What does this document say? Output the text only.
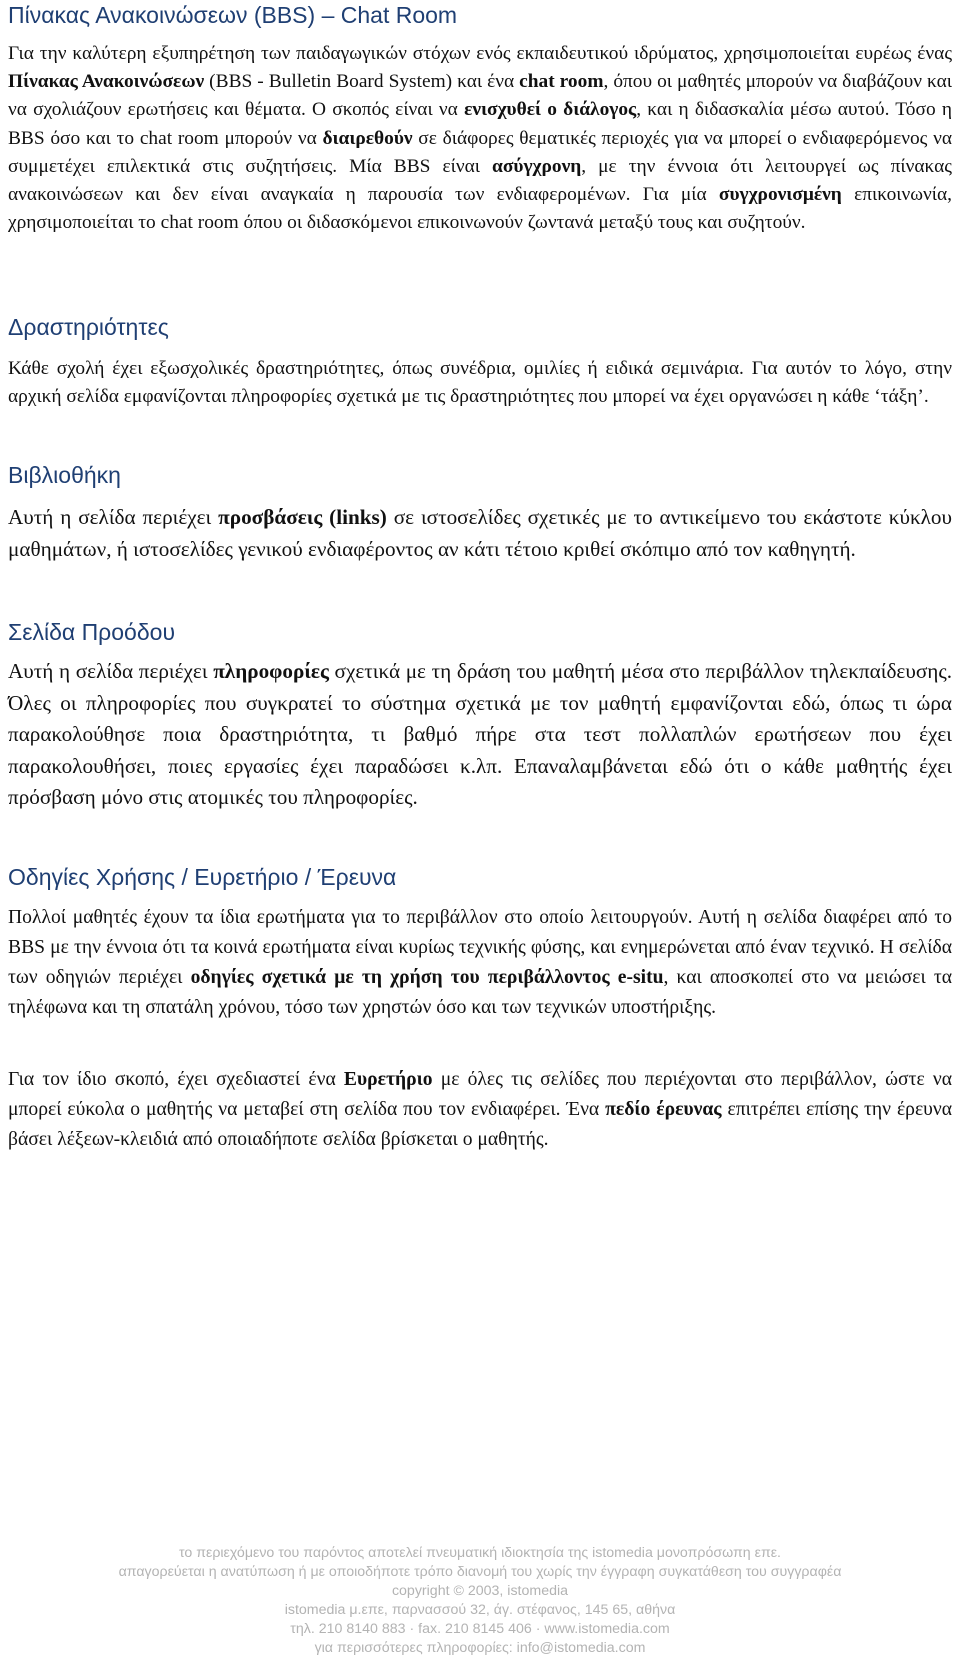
Πίνακας Ανακοινώσεων (BBS) – Chat Room

Για την καλύτερη εξυπηρέτηση των παιδαγωγικών στόχων ενός εκπαιδευτικού ιδρύματος, χρησιμοποιείται ευρέως ένας Πίνακας Ανακοινώσεων (BBS - Bulletin Board System) και ένα chat room, όπου οι μαθητές μπορούν να διαβάζουν και να σχολιάζουν ερωτήσεις και θέματα. Ο σκοπός είναι να ενισχυθεί ο διάλογος, και η διδασκαλία μέσω αυτού. Τόσο η BBS όσο και το chat room μπορούν να διαιρεθούν σε διάφορες θεματικές περιοχές για να μπορεί ο ενδιαφερόμενος να συμμετέχει επιλεκτικά στις συζητήσεις. Μία BBS είναι ασύγχρονη, με την έννοια ότι λειτουργεί ως πίνακας ανακοινώσεων και δεν είναι αναγκαία η παρουσία των ενδιαφερομένων. Για μία συγχρονισμένη επικοινωνία, χρησιμοποιείται το chat room όπου οι διδασκόμενοι επικοινωνούν ζωντανά μεταξύ τους και συζητούν.

Δραστηριότητες

Κάθε σχολή έχει εξωσχολικές δραστηριότητες, όπως συνέδρια, ομιλίες ή ειδικά σεμινάρια. Για αυτόν το λόγο, στην αρχική σελίδα εμφανίζονται πληροφορίες σχετικά με τις δραστηριότητες που μπορεί να έχει οργανώσει η κάθε ‘τάξη’.

Βιβλιοθήκη

Αυτή η σελίδα περιέχει προσβάσεις (links) σε ιστοσελίδες σχετικές με το αντικείμενο του εκάστοτε κύκλου μαθημάτων, ή ιστοσελίδες γενικού ενδιαφέροντος αν κάτι τέτοιο κριθεί σκόπιμο από τον καθηγητή.

Σελίδα Προόδου

Αυτή η σελίδα περιέχει πληροφορίες σχετικά με τη δράση του μαθητή μέσα στο περιβάλλον τηλεκπαίδευσης. Όλες οι πληροφορίες που συγκρατεί το σύστημα σχετικά με τον μαθητή εμφανίζονται εδώ, όπως τι ώρα παρακολούθησε ποια δραστηριότητα, τι βαθμό πήρε στα τεστ πολλαπλών ερωτήσεων που έχει παρακολουθήσει, ποιες εργασίες έχει παραδώσει κ.λπ. Επαναλαμβάνεται εδώ ότι ο κάθε μαθητής έχει πρόσβαση μόνο στις ατομικές του πληροφορίες.

Οδηγίες Χρήσης / Ευρετήριο / Έρευνα

Πολλοί μαθητές έχουν τα ίδια ερωτήματα για το περιβάλλον στο οποίο λειτουργούν. Αυτή η σελίδα διαφέρει από το BBS με την έννοια ότι τα κοινά ερωτήματα είναι κυρίως τεχνικής φύσης, και ενημερώνεται από έναν τεχνικό. Η σελίδα των οδηγιών περιέχει οδηγίες σχετικά με τη χρήση του περιβάλλοντος e-situ, και αποσκοπεί στο να μειώσει τα τηλέφωνα και τη σπατάλη χρόνου, τόσο των χρηστών όσο και των τεχνικών υποστήριξης.

Για τον ίδιο σκοπό, έχει σχεδιαστεί ένα Ευρετήριο με όλες τις σελίδες που περιέχονται στο περιβάλλον, ώστε να μπορεί εύκολα ο μαθητής να μεταβεί στη σελίδα που τον ενδιαφέρει. Ένα πεδίο έρευνας επιτρέπει επίσης την έρευνα βάσει λέξεων-κλειδιά από οποιαδήποτε σελίδα βρίσκεται ο μαθητής.

το περιεχόμενο του παρόντος αποτελεί πνευματική ιδιοκτησία της istomedia μονοπρόσωπη επε.
απαγορεύεται η ανατύπωση ή με οποιοδήποτε τρόπο διανομή του χωρίς την έγγραφη συγκατάθεση του συγγραφέα
copyright © 2003, istomedia
istomedia μ.επε, παρνασσού 32, άγ. στέφανος, 145 65, αθήνα
τηλ. 210 8140 883 · fax. 210 8145 406 · www.istomedia.com
για περισσότερες πληροφορίες: info@istomedia.com
